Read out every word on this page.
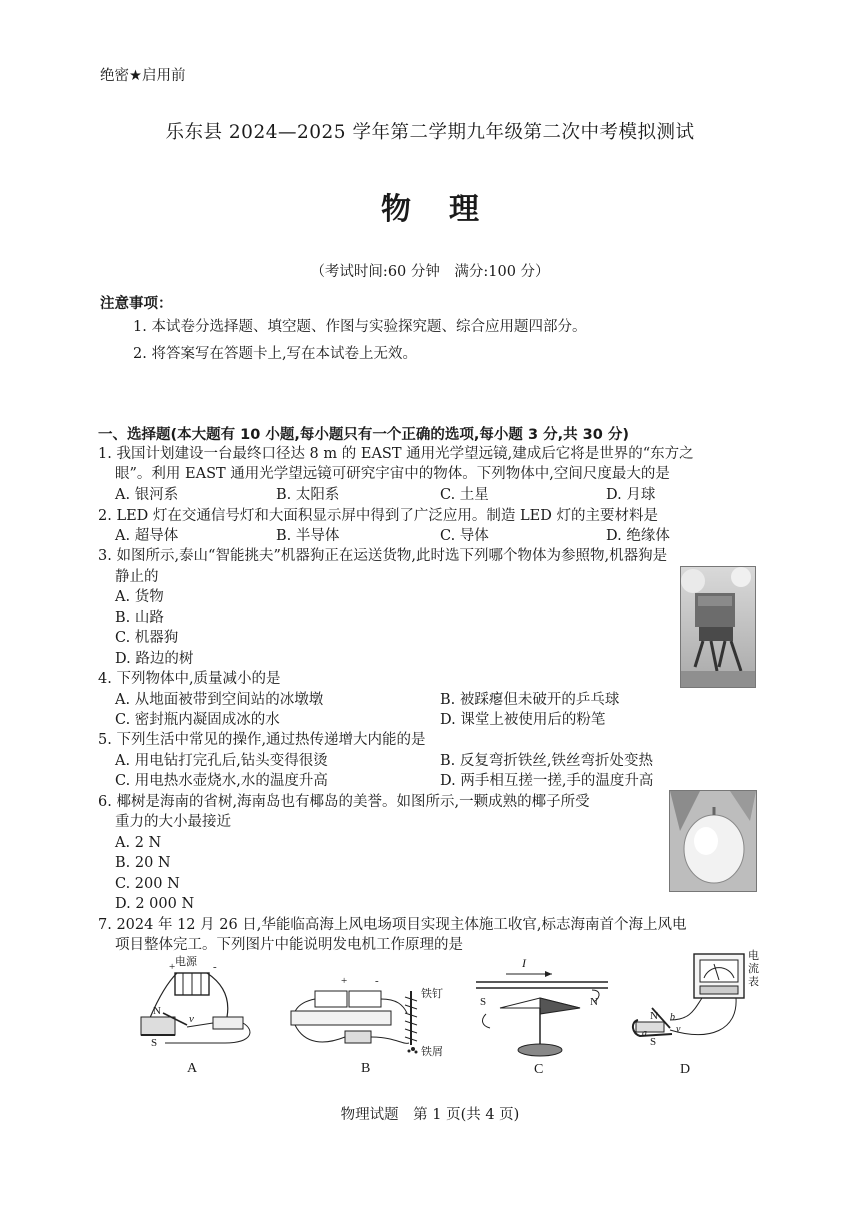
绝密★启用前
乐东县 2024—2025 学年第二学期九年级第二次中考模拟测试
物理
（考试时间:60 分钟　满分:100 分）
注意事项：
1. 本试卷分选择题、填空题、作图与实验探究题、综合应用题四部分。
2. 将答案写在答题卡上,写在本试卷上无效。
一、选择题(本大题有 10 小题,每小题只有一个正确的选项,每小题 3 分,共 30 分)
1. 我国计划建设一台最终口径达 8 m 的 EAST 通用光学望远镜,建成后它将是世界的“东方之
眼”。利用 EAST 通用光学望远镜可研究宇宙中的物体。下列物体中,空间尺度最大的是
A. 银河系	B. 太阳系	C. 土星	D. 月球
2. LED 灯在交通信号灯和大面积显示屏中得到了广泛应用。制造 LED 灯的主要材料是
A. 超导体	B. 半导体	C. 导体	D. 绝缘体
3. 如图所示,泰山“智能挑夫”机器狗正在运送货物,此时选下列哪个物体为参照物,机器狗是
静止的
A. 货物
B. 山路
C. 机器狗
D. 路边的树
4. 下列物体中,质量减小的是
A. 从地面被带到空间站的冰墩墩	B. 被踩瘪但未破开的乒乓球
C. 密封瓶内凝固成冰的水	D. 课堂上被使用后的粉笔
5. 下列生活中常见的操作,通过热传递增大内能的是
A. 用电钻打完孔后,钻头变得很烫	B. 反复弯折铁丝,铁丝弯折处变热
C. 用电热水壶烧水,水的温度升高	D. 两手相互搓一搓,手的温度升高
6. 椰树是海南的省树,海南岛也有椰岛的美誉。如图所示,一颗成熟的椰子所受
重力的大小最接近
A. 2 N
B. 20 N
C. 200 N
D. 2 000 N
7. 2024 年 12 月 26 日,华能临高海上风电场项目实现主体施工收官,标志海南首个海上风电
项目整体完工。下列图片中能说明发电机工作原理的是
电源
+	-
N
v
S
A
+	-
铁钉
铁屑
B
I
S	N
C
电流表
N b
v
a
S
D
物理试题　第 1 页(共 4 页)
